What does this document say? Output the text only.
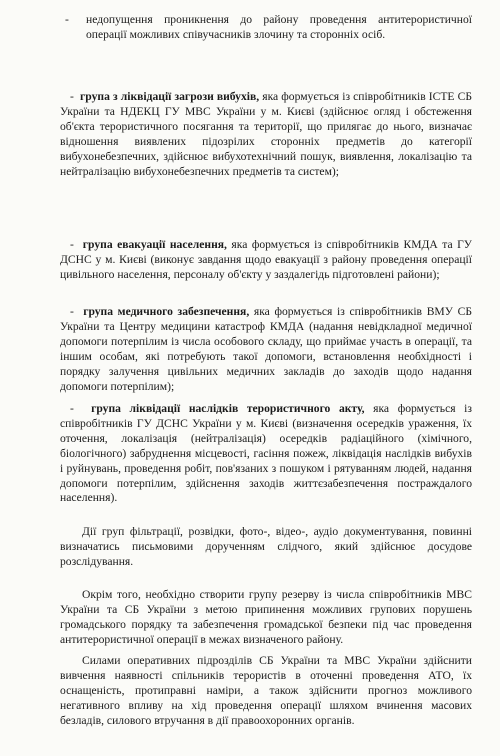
-	недопущення проникнення до району проведення антитерористичної операції можливих співучасників злочину та сторонніх осіб.

-  група з ліквідації загрози вибухів, яка формується із співробітників ІСТЕ СБ України та НДЕКЦ ГУ МВС України у м. Києві (здійснює огляд і обстеження об'єкта терористичного посягання та території, що прилягає до нього, визначає відношення виявлених підозрілих сторонніх предметів до категорії вибухонебезпечних, здійснює вибухотехнічний пошук, виявлення, локалізацію та нейтралізацію вибухонебезпечних предметів та систем);

-  група евакуації населення, яка формується із співробітників КМДА та ГУ ДСНС у м. Києві (виконує завдання щодо евакуації з району проведення операції цивільного населення, персоналу об'єкту у заздалегідь підготовлені райони);

-  група медичного забезпечення, яка формується із співробітників ВМУ СБ України та Центру медицини катастроф КМДА (надання невідкладної медичної допомоги потерпілим із числа особового складу, що приймає участь в операції, та іншим особам, які потребують такої допомоги, встановлення необхідності і порядку залучення цивільних медичних закладів до заходів щодо надання допомоги потерпілим);

-  група ліквідації наслідків терористичного акту, яка формується із співробітників ГУ ДСНС України у м. Києві (визначення осередків ураження, їх оточення, локалізація (нейтралізація) осередків радіаційного (хімічного, біологічного) забруднення місцевості, гасіння пожеж, ліквідація наслідків вибухів і руйнувань, проведення робіт, пов'язаних з пошуком і рятуванням людей, надання допомоги потерпілим, здійснення заходів життєзабезпечення постраждалого населення).

Дії груп фільтрації, розвідки, фото-, відео-, аудіо документування, повинні визначатись письмовими дорученням слідчого, який здійснює досудове розслідування.

Окрім того, необхідно створити групу резерву із числа співробітників МВС України та СБ України з метою припинення можливих групових порушень громадського порядку та забезпечення громадської безпеки під час проведення антитерористичної операції в межах визначеного району.

Силами оперативних підрозділів СБ України та МВС України здійснити вивчення наявності спільників терористів в оточенні проведення АТО, їх оснащеність, протиправні наміри, а також здійснити прогноз можливого негативного впливу на хід проведення операції шляхом вчинення масових безладів, силового втручання в дії правоохоронних органів.
